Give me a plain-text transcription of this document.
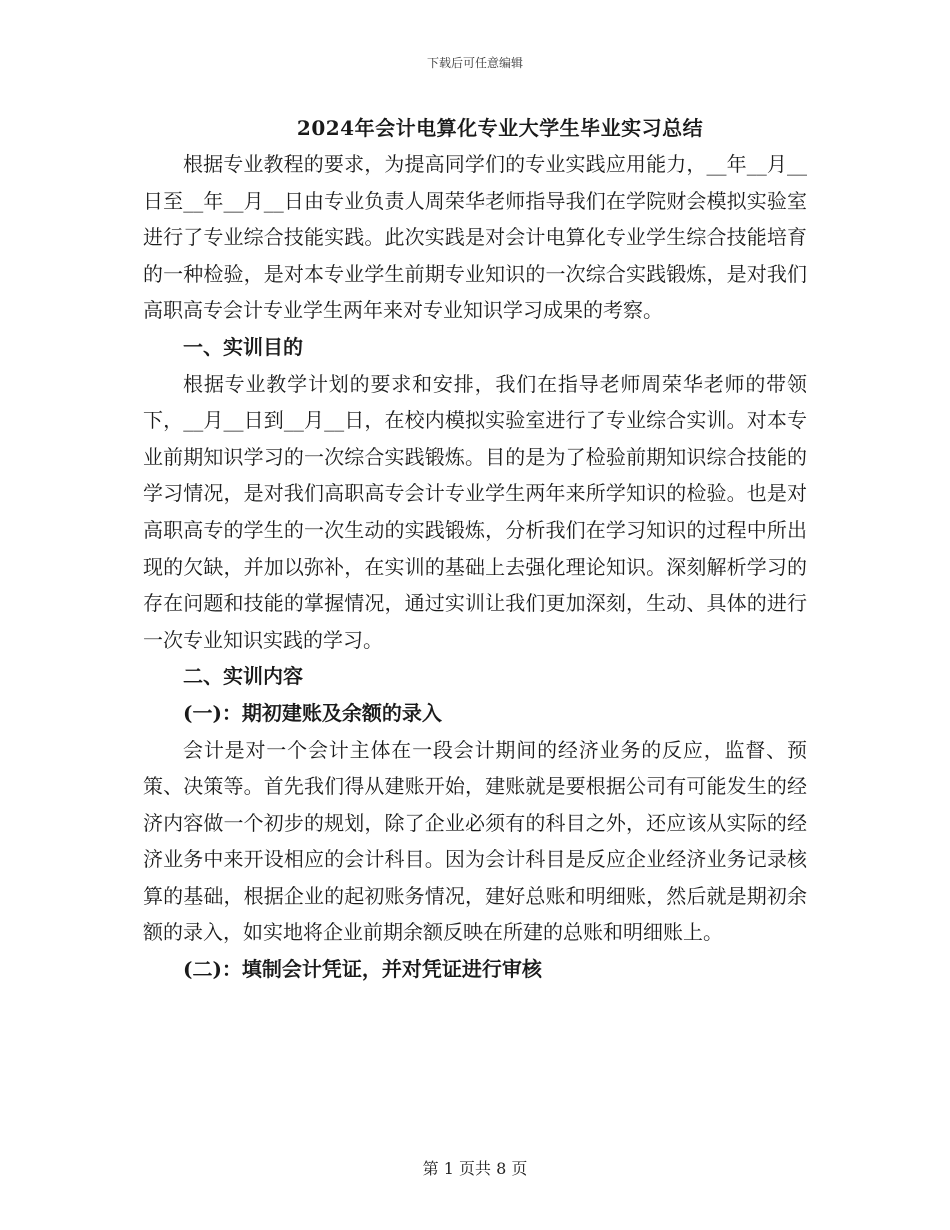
下载后可任意编辑
2024年会计电算化专业大学生毕业实习总结

根据专业教程的要求，为提高同学们的专业实践应用能力，__年__月__日至__年__月__日由专业负责人周荣华老师指导我们在学院财会模拟实验室进行了专业综合技能实践。此次实践是对会计电算化专业学生综合技能培育的一种检验，是对本专业学生前期专业知识的一次综合实践锻炼，是对我们高职高专会计专业学生两年来对专业知识学习成果的考察。

一、实训目的

根据专业教学计划的要求和安排，我们在指导老师周荣华老师的带领下，__月__日到__月__日，在校内模拟实验室进行了专业综合实训。对本专业前期知识学习的一次综合实践锻炼。目的是为了检验前期知识综合技能的学习情况，是对我们高职高专会计专业学生两年来所学知识的检验。也是对高职高专的学生的一次生动的实践锻炼，分析我们在学习知识的过程中所出现的欠缺，并加以弥补，在实训的基础上去强化理论知识。深刻解析学习的存在问题和技能的掌握情况，通过实训让我们更加深刻，生动、具体的进行一次专业知识实践的学习。

二、实训内容

(一)：期初建账及余额的录入

会计是对一个会计主体在一段会计期间的经济业务的反应，监督、预策、决策等。首先我们得从建账开始，建账就是要根据公司有可能发生的经济内容做一个初步的规划，除了企业必须有的科目之外，还应该从实际的经济业务中来开设相应的会计科目。因为会计科目是反应企业经济业务记录核算的基础，根据企业的起初账务情况，建好总账和明细账，然后就是期初余额的录入，如实地将企业前期余额反映在所建的总账和明细账上。

(二)：填制会计凭证，并对凭证进行审核

第 1 页共 8 页
